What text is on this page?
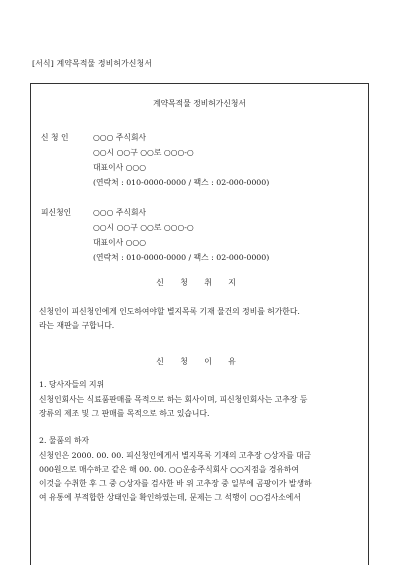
[서식] 계약목적물 정비허가신청서
계약목적물 정비허가신청서
신 청 인	○○○ 주식회사
○○시 ○○구 ○○로 ○○○-○
대표이사 ○○○
(연락처 : 010-0000-0000 / 팩스 : 02-000-0000)
피신청인	○○○ 주식회사
○○시 ○○구 ○○로 ○○○-○
대표이사 ○○○
(연락처 : 010-0000-0000 / 팩스 : 02-000-0000)
신 청 취 지
신청인이 피신청인에게 인도하여야할 별지목록 기재 물건의 정비를 허가한다.
라는 재판을 구합니다.
신 청 이 유
1. 당사자들의 지위
신청인회사는 식료품판매를 목적으로 하는 회사이며, 피신청인회사는 고추장 등
장류의 제조 및 그 판매를 목적으로 하고 있습니다.
2. 물품의 하자
신청인은 2000. 00. 00. 피신청인에게서 별지목록 기재의 고추장 ○상자를 대금
000원으로 매수하고 같은 해 00. 00. ○○운송주식회사 ○○지점을 경유하여
이것을 수취한 후 그 중 ○상자를 검사한 바 위 고추장 중 일부에 곰팡이가 발생하
여 유통에 부적합한 상태인을 확인하였는데, 문제는 그 석행이 ○○검사소에서
